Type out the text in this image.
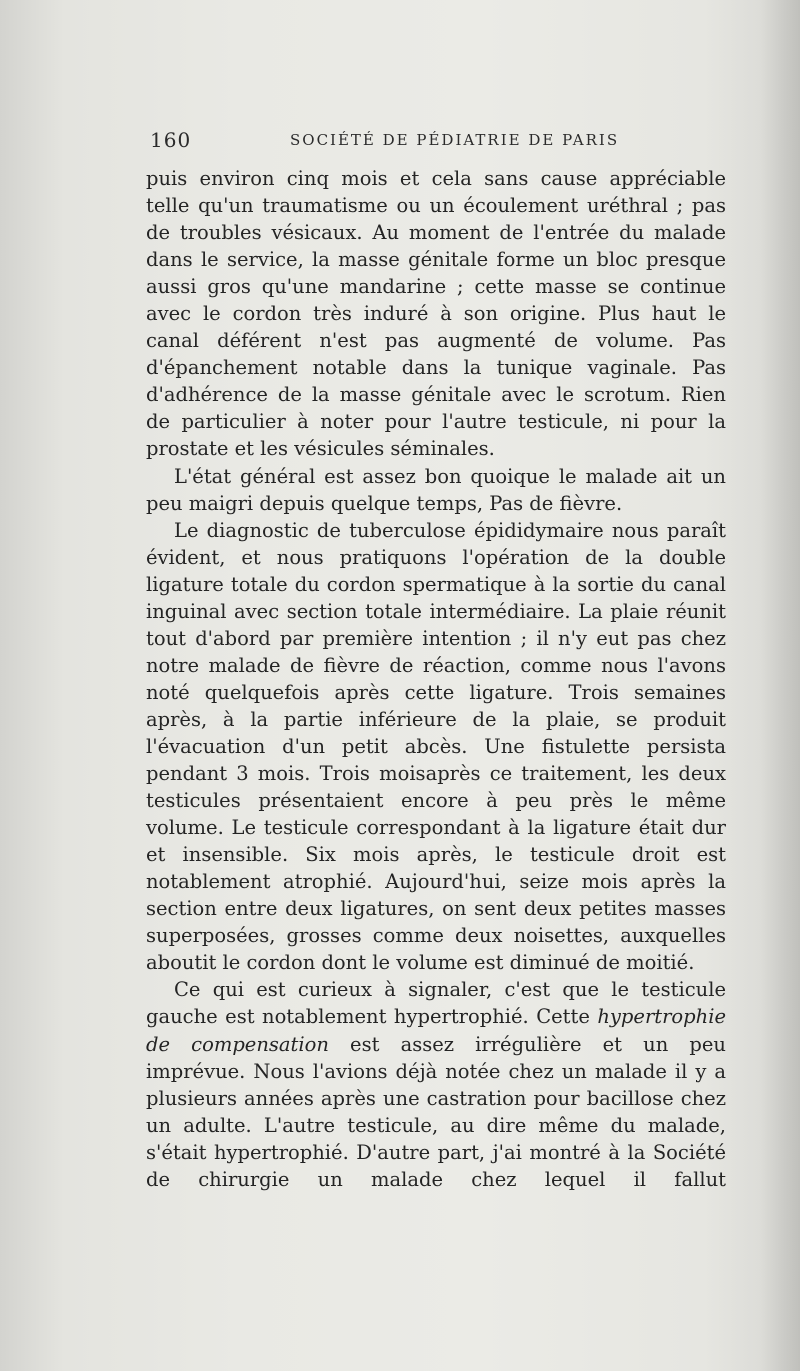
160	SOCIÉTÉ DE PÉDIATRIE DE PARIS

puis environ cinq mois et cela sans cause appréciable telle qu'un traumatisme ou un écoulement uréthral ; pas de troubles vésicaux. Au moment de l'entrée du malade dans le service, la masse génitale forme un bloc presque aussi gros qu'une mandarine ; cette masse se continue avec le cordon très induré à son origine. Plus haut le canal déférent n'est pas augmenté de volume. Pas d'épanchement notable dans la tunique vaginale. Pas d'adhérence de la masse génitale avec le scrotum. Rien de particulier à noter pour l'autre testicule, ni pour la prostate et les vésicules séminales.

L'état général est assez bon quoique le malade ait un peu maigri depuis quelque temps, Pas de fièvre.

Le diagnostic de tuberculose épididymaire nous paraît évident, et nous pratiquons l'opération de la double ligature totale du cordon spermatique à la sortie du canal inguinal avec section totale intermédiaire. La plaie réunit tout d'abord par première intention ; il n'y eut pas chez notre malade de fièvre de réaction, comme nous l'avons noté quelquefois après cette ligature. Trois semaines après, à la partie inférieure de la plaie, se produit l'évacuation d'un petit abcès. Une fistulette persista pendant 3 mois. Trois moisaprès ce traitement, les deux testicules présentaient encore à peu près le même volume. Le testicule correspondant à la ligature était dur et insensible. Six mois après, le testicule droit est notablement atrophié. Aujourd'hui, seize mois après la section entre deux ligatures, on sent deux petites masses superposées, grosses comme deux noisettes, auxquelles aboutit le cordon dont le volume est diminué de moitié.

Ce qui est curieux à signaler, c'est que le testicule gauche est notablement hypertrophié. Cette hypertrophie de compensation est assez irrégulière et un peu imprévue. Nous l'avions déjà notée chez un malade il y a plusieurs années après une castration pour bacillose chez un adulte. L'autre testicule, au dire même du malade, s'était hypertrophié. D'autre part, j'ai montré à la Société de chirurgie un malade chez lequel il fallut
